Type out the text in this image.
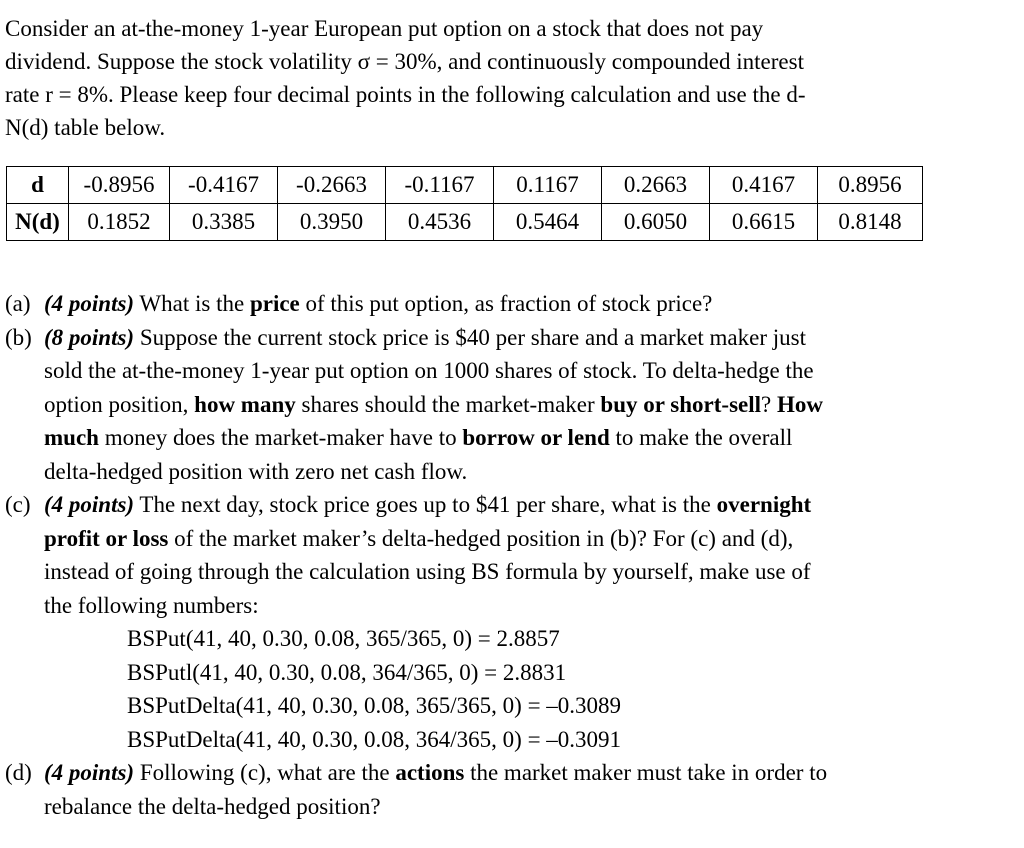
Consider an at-the-money 1-year European put option on a stock that does not pay
dividend. Suppose the stock volatility σ = 30%, and continuously compounded interest
rate r = 8%. Please keep four decimal points in the following calculation and use the d-
N(d) table below.
d	-0.8956	-0.4167	-0.2663	-0.1167	0.1167	0.2663	0.4167	0.8956
N(d)	0.1852	0.3385	0.3950	0.4536	0.5464	0.6050	0.6615	0.8148
(a) (4 points) What is the price of this put option, as fraction of stock price?
(b) (8 points) Suppose the current stock price is $40 per share and a market maker just
sold the at-the-money 1-year put option on 1000 shares of stock. To delta-hedge the
option position, how many shares should the market-maker buy or short-sell? How
much money does the market-maker have to borrow or lend to make the overall
delta-hedged position with zero net cash flow.
(c) (4 points) The next day, stock price goes up to $41 per share, what is the overnight
profit or loss of the market maker’s delta-hedged position in (b)? For (c) and (d),
instead of going through the calculation using BS formula by yourself, make use of
the following numbers:
BSPut(41, 40, 0.30, 0.08, 365/365, 0) = 2.8857
BSPutl(41, 40, 0.30, 0.08, 364/365, 0) = 2.8831
BSPutDelta(41, 40, 0.30, 0.08, 365/365, 0) = –0.3089
BSPutDelta(41, 40, 0.30, 0.08, 364/365, 0) = –0.3091
(d) (4 points) Following (c), what are the actions the market maker must take in order to
rebalance the delta-hedged position?
